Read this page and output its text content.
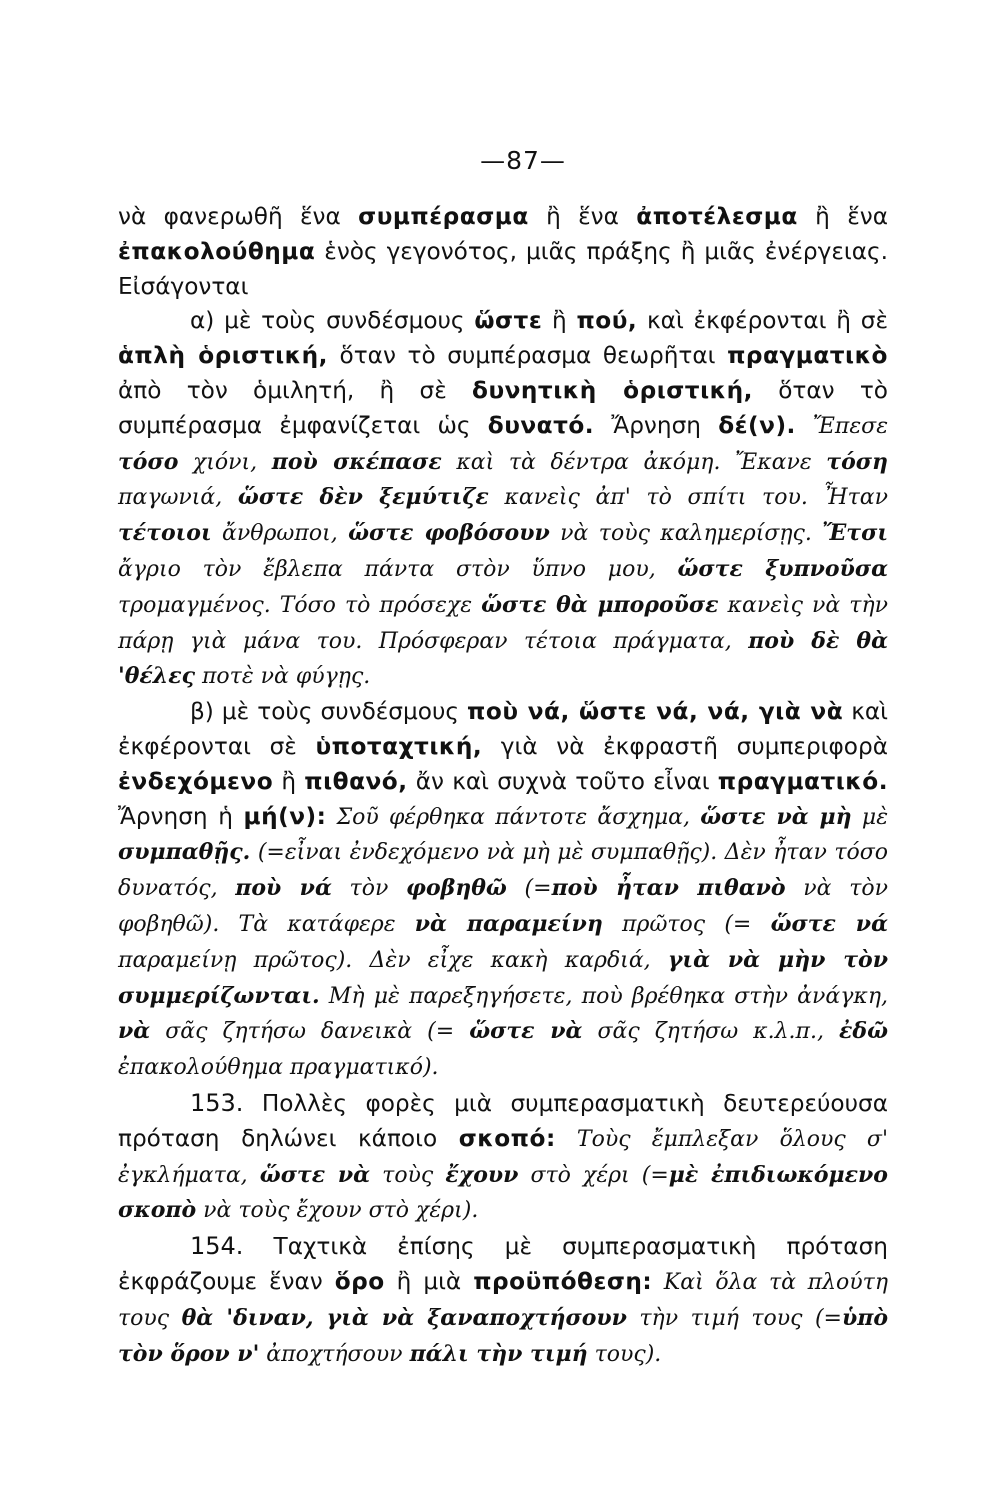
—87—

νὰ φανερωθῆ ἕνα συμπέρασμα ἢ ἕνα ἀποτέλεσμα ἢ ἕνα ἐπακολούθημα ἑνὸς γεγονότος, μιᾶς πράξης ἢ μιᾶς ἐνέργειας. Εἰσάγονται

α) μὲ τοὺς συνδέσμους ὥστε ἢ πού, καὶ ἐκφέρονται ἢ σὲ ἁπλὴ ὁριστική, ὅταν τὸ συμπέρασμα θεωρῆται πραγματικὸ ἀπὸ τὸν ὁμιλητή, ἢ σὲ δυνητικὴ ὁριστική, ὅταν τὸ συμπέρασμα ἐμφανίζεται ὡς δυνατό. Ἄρνηση δέ(ν). Ἔπεσε τόσο χιόνι, ποὺ σκέπασε καὶ τὰ δέντρα ἀκόμη. Ἔκανε τόση παγωνιά, ὥστε δὲν ξεμύτιζε κανεὶς ἀπ' τὸ σπίτι του. Ἦταν τέτοιοι ἄνθρωποι, ὥστε φοβόσουν νὰ τοὺς καλημερίσῃς. Ἔτσι ἄγριο τὸν ἔβλεπα πάντα στὸν ὕπνο μου, ὥστε ξυπνοῦσα τρομαγμένος. Τόσο τὸ πρόσεχε ὥστε θὰ μποροῦσε κανεὶς νὰ τὴν πάρῃ γιὰ μάνα του. Πρόσφεραν τέτοια πράγματα, ποὺ δὲ θὰ 'θέλες ποτὲ νὰ φύγῃς.

β) μὲ τοὺς συνδέσμους ποὺ νά, ὥστε νά, νά, γιὰ νὰ καὶ ἐκφέρονται σὲ ὑποταχτική, γιὰ νὰ ἐκφραστῆ συμπεριφορὰ ἐνδεχόμενο ἢ πιθανό, ἄν καὶ συχνὰ τοῦτο εἶναι πραγματικό. Ἄρνηση ἡ μή(ν): Σοῦ φέρθηκα πάντοτε ἄσχημα, ὥστε νὰ μὴ μὲ συμπαθῇς. (=εἶναι ἐνδεχόμενο νὰ μὴ μὲ συμπαθῇς). Δὲν ἦταν τόσο δυνατός, ποὺ νά τὸν φοβηθῶ (=ποὺ ἦταν πιθανὸ νὰ τὸν φοβηθῶ). Τὰ κατάφερε νὰ παραμείνη πρῶτος (= ὥστε νά παραμείνῃ πρῶτος). Δὲν εἶχε κακὴ καρδιά, γιὰ νὰ μὴν τὸν συμμερίζωνται. Μὴ μὲ παρεξηγήσετε, ποὺ βρέθηκα στὴν ἀνάγκη, νὰ σᾶς ζητήσω δανεικὰ (= ὥστε νὰ σᾶς ζητήσω κ.λ.π., ἐδῶ ἐπακολούθημα πραγματικό).

153. Πολλὲς φορὲς μιὰ συμπερασματικὴ δευτερεύουσα πρόταση δηλώνει κάποιο σκοπό: Τοὺς ἔμπλεξαν ὅλους σ' ἐγκλήματα, ὥστε νὰ τοὺς ἔχουν στὸ χέρι (=μὲ ἐπιδιωκόμενο σκοπὸ νὰ τοὺς ἔχουν στὸ χέρι).

154. Ταχτικὰ ἐπίσης μὲ συμπερασματικὴ πρόταση ἐκφράζουμε ἕναν ὅρο ἢ μιὰ προϋπόθεση: Καὶ ὅλα τὰ πλούτη τους θὰ 'διναν, γιὰ νὰ ξαναποχτήσουν τὴν τιμή τους (=ὑπὸ τὸν ὅρον ν' ἀποχτήσουν πάλι τὴν τιμή τους).
